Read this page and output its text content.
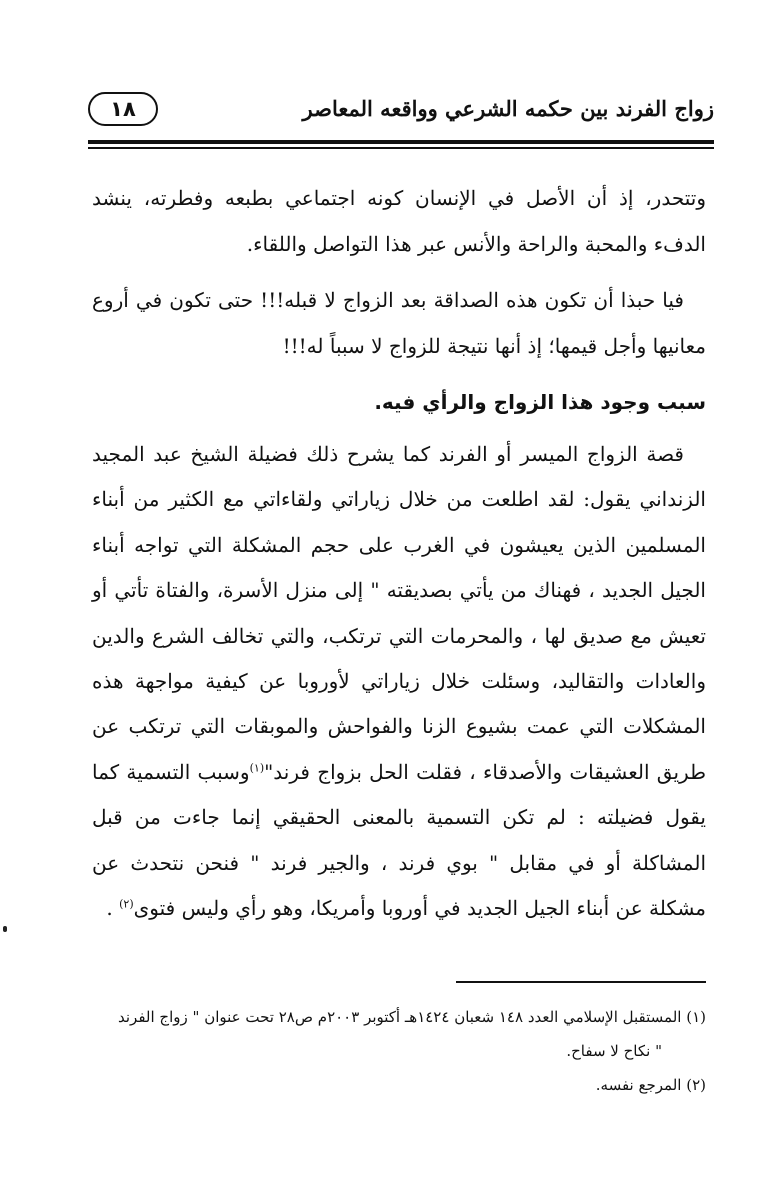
زواج الفرند بين حكمه الشرعي وواقعه المعاصر
١٨
وتتحدر، إذ أن الأصل في الإنسان كونه اجتماعي بطبعه وفطرته، ينشد الدفء والمحبة والراحة والأنس عبر هذا التواصل واللقاء.
فيا حبذا أن تكون هذه الصداقة بعد الزواج لا قبله!!! حتى تكون في أروع معانيها وأجل قيمها؛ إذ أنها نتيجة للزواج لا سبباً له!!!
سبب وجود هذا الزواج والرأي فيه.
قصة الزواج الميسر أو الفرند كما يشرح ذلك فضيلة الشيخ عبد المجيد الزنداني يقول: لقد اطلعت من خلال زياراتي ولقاءاتي مع الكثير من أبناء المسلمين الذين يعيشون في الغرب على حجم المشكلة التي تواجه أبناء الجيل الجديد ، فهناك من يأتي بصديقته " إلى منزل الأسرة، والفتاة تأتي أو تعيش مع صديق لها ، والمحرمات التي ترتكب، والتي تخالف الشرع والدين والعادات والتقاليد، وسئلت خلال زياراتي لأوروبا عن كيفية مواجهة هذه المشكلات التي عمت بشيوع الزنا والفواحش والموبقات التي ترتكب عن طريق العشيقات والأصدقاء ، فقلت الحل بزواج فرند"$^{(١)}$وسبب التسمية كما يقول فضيلته : لم تكن التسمية بالمعنى الحقيقي إنما جاءت من قبل المشاكلة أو في مقابل " بوي فرند ، والجير فرند " فنحن نتحدث عن مشكلة عن أبناء الجيل الجديد في أوروبا وأمريكا، وهو رأي وليس فتوى$^{(٢)}$ .
(١) المستقبل الإسلامي العدد ١٤٨ شعبان ١٤٢٤هـ أكتوبر ٢٠٠٣م ص٢٨ تحت عنوان " زواج الفرند
" نكاح لا سفاح.
(٢) المرجع نفسه.
